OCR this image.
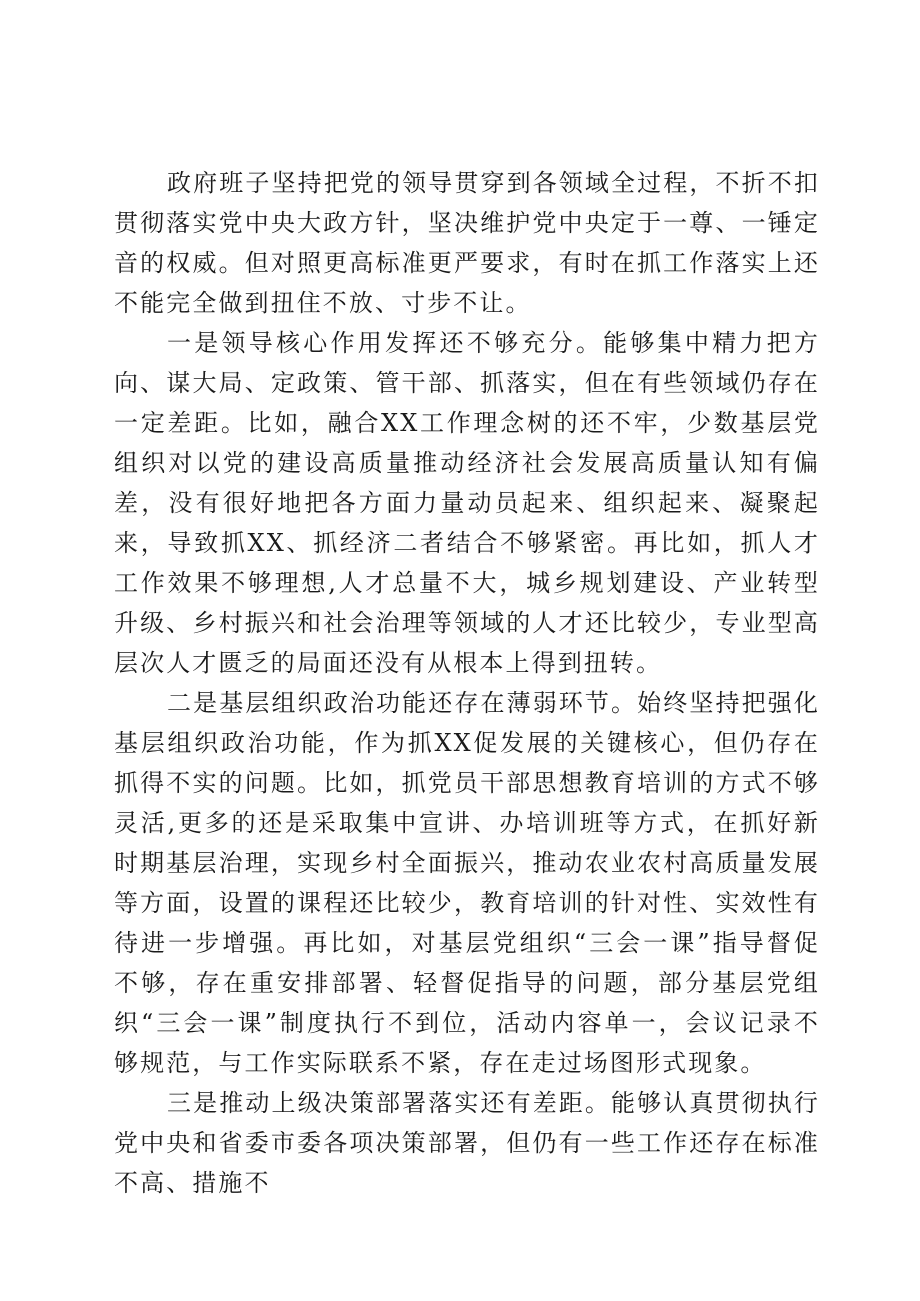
政府班子坚持把党的领导贯穿到各领域全过程，不折不扣贯彻落实党中央大政方针，坚决维护党中央定于一尊、一锤定音的权威。但对照更高标准更严要求，有时在抓工作落实上还不能完全做到扭住不放、寸步不让。

一是领导核心作用发挥还不够充分。能够集中精力把方向、谋大局、定政策、管干部、抓落实，但在有些领域仍存在一定差距。比如，融合XX工作理念树的还不牢，少数基层党组织对以党的建设高质量推动经济社会发展高质量认知有偏差，没有很好地把各方面力量动员起来、组织起来、凝聚起来，导致抓XX、抓经济二者结合不够紧密。再比如，抓人才工作效果不够理想,人才总量不大，城乡规划建设、产业转型升级、乡村振兴和社会治理等领域的人才还比较少，专业型高层次人才匮乏的局面还没有从根本上得到扭转。

二是基层组织政治功能还存在薄弱环节。始终坚持把强化基层组织政治功能，作为抓XX促发展的关键核心，但仍存在抓得不实的问题。比如，抓党员干部思想教育培训的方式不够灵活,更多的还是采取集中宣讲、办培训班等方式，在抓好新时期基层治理，实现乡村全面振兴，推动农业农村高质量发展等方面，设置的课程还比较少，教育培训的针对性、实效性有待进一步增强。再比如，对基层党组织“三会一课”指导督促不够，存在重安排部署、轻督促指导的问题，部分基层党组织“三会一课”制度执行不到位，活动内容单一，会议记录不够规范，与工作实际联系不紧，存在走过场图形式现象。

三是推动上级决策部署落实还有差距。能够认真贯彻执行党中央和省委市委各项决策部署，但仍有一些工作还存在标准不高、措施不
